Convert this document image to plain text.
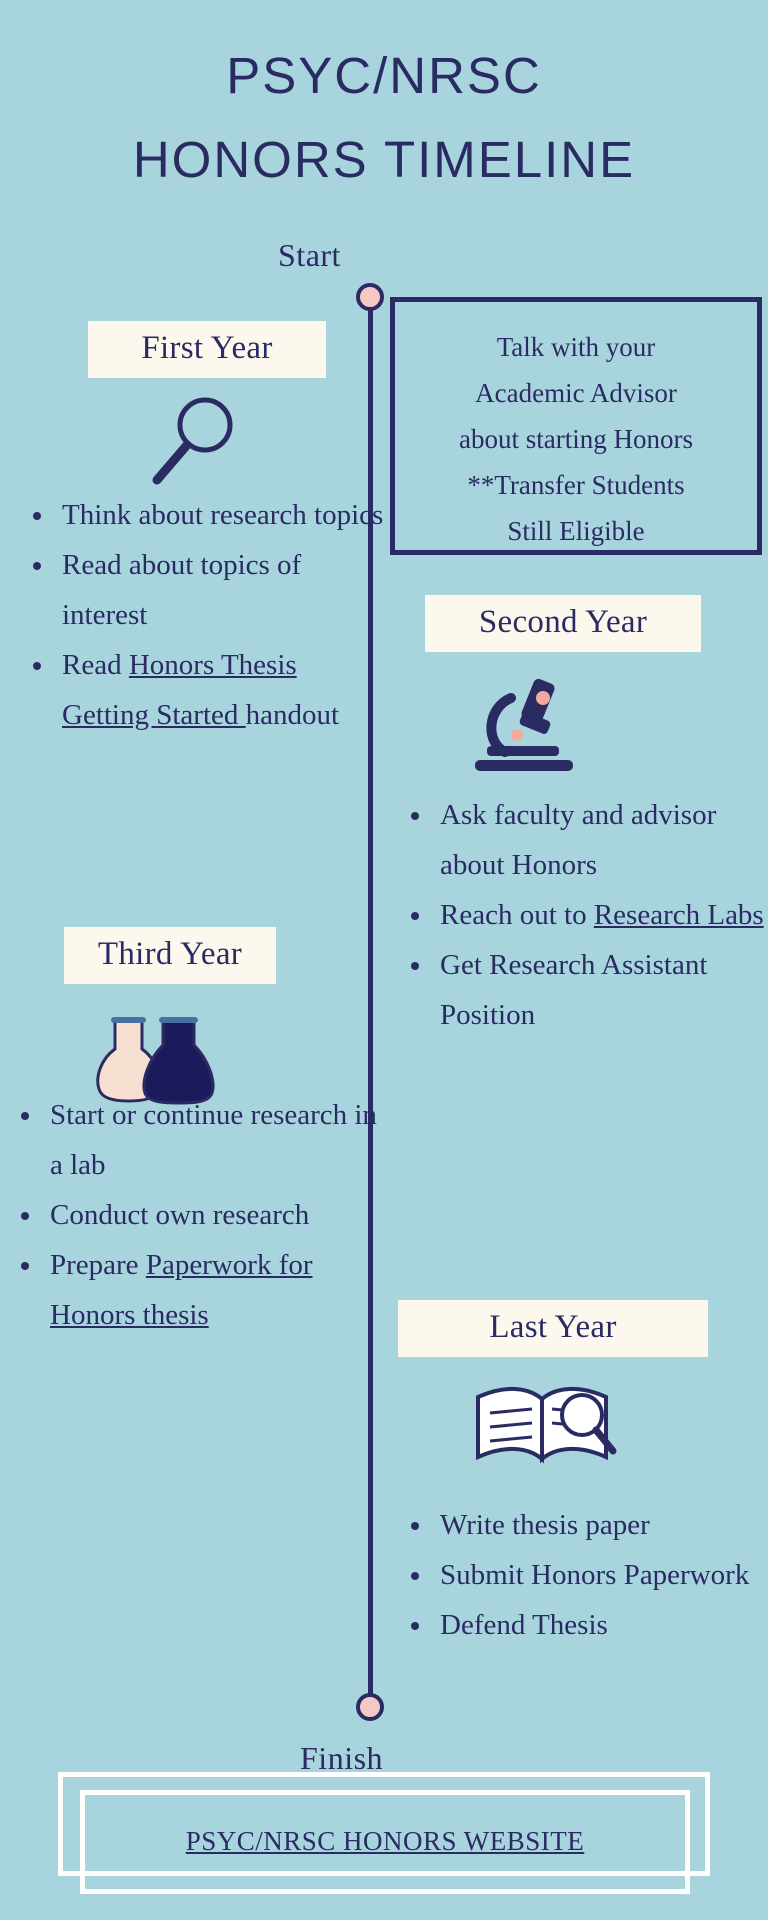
PSYC/NRSC
HONORS TIMELINE
Start
Finish
Talk with your
Academic Advisor
about starting Honors
**Transfer Students
Still Eligible
First Year
• Think about research topics
• Read about topics of interest
• Read Honors Thesis Getting Started handout
Second Year
• Ask faculty and advisor about Honors
• Reach out to Research Labs
• Get Research Assistant Position
Third Year
• Start or continue research in a lab
• Conduct own research
• Prepare Paperwork for Honors thesis	Last Year
• Write thesis paper
• Submit Honors Paperwork
• Defend Thesis
PSYC/NRSC HONORS WEBSITE
